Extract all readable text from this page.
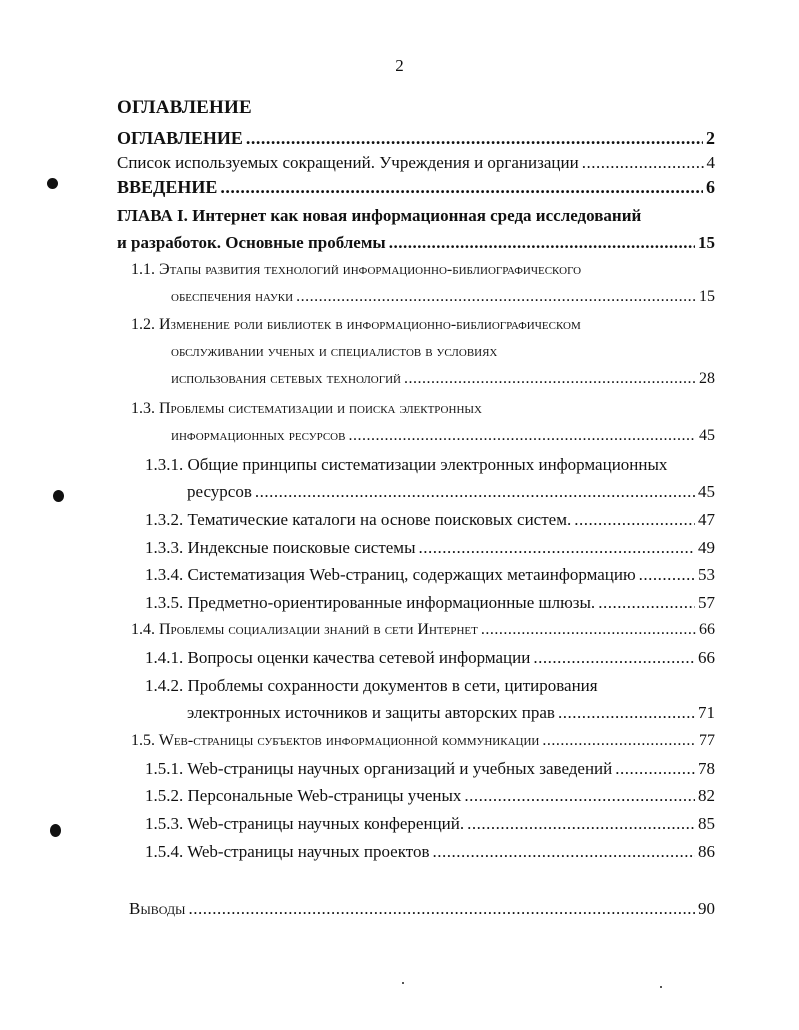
2
ОГЛАВЛЕНИЕ
ОГЛАВЛЕНИЕ .....	2
Список используемых сокращений. Учреждения и организации .....	4
ВВЕДЕНИЕ .....	6
ГЛАВА I. Интернет как новая информационная среда исследований
и разработок. Основные проблемы .....	15
1.1. Этапы развития технологий информационно-библиографического
обеспечения науки .....	15
1.2. Изменение роли библиотек в информационно-библиографическом
обслуживании ученых и специалистов в условиях
использования сетевых технологий .....	28
1.3. Проблемы систематизации и поиска электронных
информационных ресурсов .....	45
1.3.1. Общие принципы систематизации электронных информационных
ресурсов .....	45
1.3.2. Тематические каталоги на основе поисковых систем. .....	47
1.3.3. Индексные поисковые системы .....	49
1.3.4. Систематизация Web-страниц, содержащих метаинформацию .....	53
1.3.5. Предметно-ориентированные информационные шлюзы. .....	57
1.4. Проблемы социализации знаний в сети Интернет .....	66
1.4.1. Вопросы оценки качества сетевой информации .....	66
1.4.2. Проблемы сохранности документов в сети, цитирования
электронных источников и защиты авторских прав .....	71
1.5. Web-страницы субъектов информационной коммуникации .....	77
1.5.1. Web-страницы научных организаций и учебных заведений .....	78
1.5.2. Персональные Web-страницы ученых .....	82
1.5.3. Web-страницы научных конференций. .....	85
1.5.4. Web-страницы научных проектов .....	86
Выводы .....	90
